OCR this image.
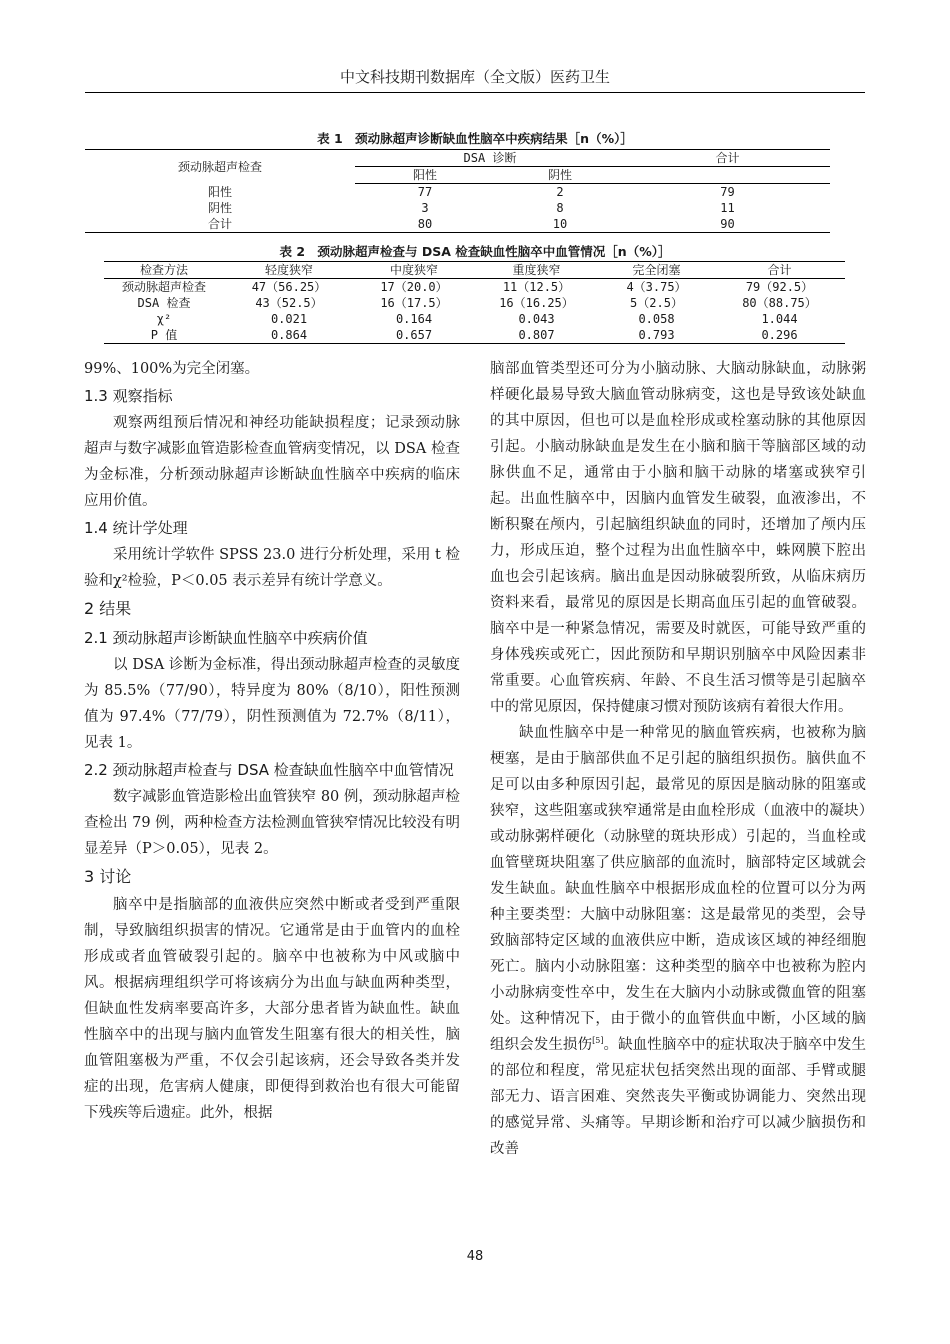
中文科技期刊数据库（全文版）医药卫生
表 1　颈动脉超声诊断缺血性脑卒中疾病结果［n（%）］
颈动脉超声检查	DSA 诊断		合计
	阳性	阴性	
阳性	77	2	79
阴性	3	8	11
合计	80	10	90
表 2　颈动脉超声检查与 DSA 检查缺血性脑卒中血管情况［n（%）］
检查方法	轻度狭窄	中度狭窄	重度狭窄	完全闭塞	合计
颈动脉超声检查	47（56.25）	17（20.0）	11（12.5）	4（3.75）	79（92.5）
DSA 检查	43（52.5）	16（17.5）	16（16.25）	5（2.5）	80（88.75）
χ²	0.021	0.164	0.043	0.058	1.044
P 值	0.864	0.657	0.807	0.793	0.296

99%、100%为完全闭塞。

1.3 观察指标

观察两组预后情况和神经功能缺损程度；记录颈动脉超声与数字减影血管造影检查血管病变情况，以 DSA 检查为金标准，分析颈动脉超声诊断缺血性脑卒中疾病的临床应用价值。

1.4 统计学处理

采用统计学软件 SPSS 23.0 进行分析处理，采用 t 检验和χ²检验，P＜0.05 表示差异有统计学意义。

2 结果
2.1 颈动脉超声诊断缺血性脑卒中疾病价值

以 DSA 诊断为金标准，得出颈动脉超声检查的灵敏度为 85.5%（77/90），特异度为 80%（8/10），阳性预测值为 97.4%（77/79），阴性预测值为 72.7%（8/11），见表 1。

2.2 颈动脉超声检查与 DSA 检查缺血性脑卒中血管情况

数字减影血管造影检出血管狭窄 80 例，颈动脉超声检查检出 79 例，两种检查方法检测血管狭窄情况比较没有明显差异（P＞0.05），见表 2。

3 讨论

脑卒中是指脑部的血液供应突然中断或者受到严重限制，导致脑组织损害的情况。它通常是由于血管内的血栓形成或者血管破裂引起的。脑卒中也被称为中风或脑中风。根据病理组织学可将该病分为出血与缺血两种类型，但缺血性发病率要高许多，大部分患者皆为缺血性。缺血性脑卒中的出现与脑内血管发生阻塞有很大的相关性，脑血管阻塞极为严重，不仅会引起该病，还会导致各类并发症的出现，危害病人健康，即便得到救治也有很大可能留下残疾等后遗症。此外，根据

脑部血管类型还可分为小脑动脉、大脑动脉缺血，动脉粥样硬化最易导致大脑血管动脉病变，这也是导致该处缺血的其中原因，但也可以是血栓形成或栓塞动脉的其他原因引起。小脑动脉缺血是发生在小脑和脑干等脑部区域的动脉供血不足，通常由于小脑和脑干动脉的堵塞或狭窄引起。出血性脑卒中，因脑内血管发生破裂，血液渗出，不断积聚在颅内，引起脑组织缺血的同时，还增加了颅内压力，形成压迫，整个过程为出血性脑卒中，蛛网膜下腔出血也会引起该病。脑出血是因动脉破裂所致，从临床病历资料来看，最常见的原因是长期高血压引起的血管破裂。脑卒中是一种紧急情况，需要及时就医，可能导致严重的身体残疾或死亡，因此预防和早期识别脑卒中风险因素非常重要。心血管疾病、年龄、不良生活习惯等是引起脑卒中的常见原因，保持健康习惯对预防该病有着很大作用。

缺血性脑卒中是一种常见的脑血管疾病，也被称为脑梗塞，是由于脑部供血不足引起的脑组织损伤。脑供血不足可以由多种原因引起，最常见的原因是脑动脉的阻塞或狭窄，这些阻塞或狭窄通常是由血栓形成（血液中的凝块）或动脉粥样硬化（动脉壁的斑块形成）引起的，当血栓或血管壁斑块阻塞了供应脑部的血流时，脑部特定区域就会发生缺血。缺血性脑卒中根据形成血栓的位置可以分为两种主要类型：大脑中动脉阻塞：这是最常见的类型，会导致脑部特定区域的血液供应中断，造成该区域的神经细胞死亡。脑内小动脉阻塞：这种类型的脑卒中也被称为腔内小动脉病变性卒中，发生在大脑内小动脉或微血管的阻塞处。这种情况下，由于微小的血管供血中断，小区域的脑组织会发生损伤[5]。缺血性脑卒中的症状取决于脑卒中发生的部位和程度，常见症状包括突然出现的面部、手臂或腿部无力、语言困难、突然丧失平衡或协调能力、突然出现的感觉异常、头痛等。早期诊断和治疗可以减少脑损伤和改善

48
